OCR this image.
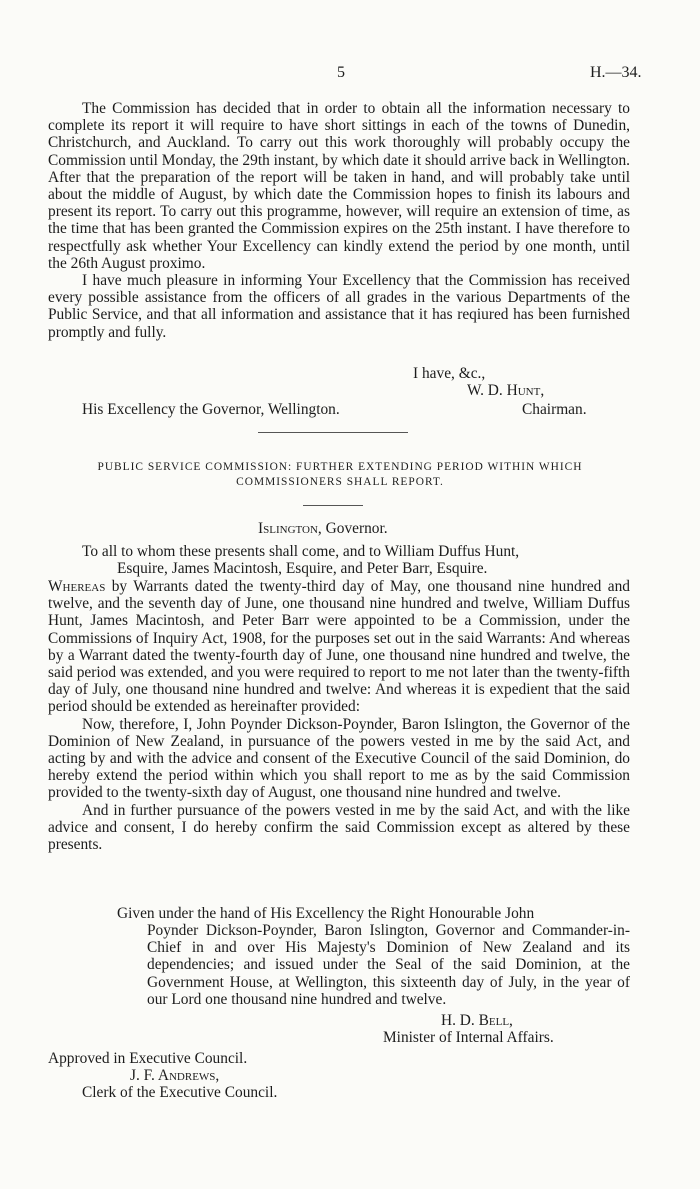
5	H.—34.

The Commission has decided that in order to obtain all the information necessary to complete its report it will require to have short sittings in each of the towns of Dunedin, Christchurch, and Auckland. To carry out this work thoroughly will probably occupy the Commission until Monday, the 29th instant, by which date it should arrive back in Wellington. After that the preparation of the report will be taken in hand, and will probably take until about the middle of August, by which date the Commission hopes to finish its labours and present its report. To carry out this programme, however, will require an extension of time, as the time that has been granted the Commission expires on the 25th instant. I have therefore to respectfully ask whether Your Excellency can kindly extend the period by one month, until the 26th August proximo.

I have much pleasure in informing Your Excellency that the Commission has received every possible assistance from the officers of all grades in the various Departments of the Public Service, and that all information and assistance that it has reqiured has been furnished promptly and fully.

I have, &c.,
W. D. Hunt,
His Excellency the Governor, Wellington.	Chairman.
PUBLIC SERVICE COMMISSION: FURTHER EXTENDING PERIOD WITHIN WHICH
COMMISSIONERS SHALL REPORT.
Islington, Governor.
To all to whom these presents shall come, and to William Duffus Hunt,
Esquire, James Macintosh, Esquire, and Peter Barr, Esquire.

Whereas by Warrants dated the twenty-third day of May, one thousand nine hundred and twelve, and the seventh day of June, one thousand nine hundred and twelve, William Duffus Hunt, James Macintosh, and Peter Barr were appointed to be a Commission, under the Commissions of Inquiry Act, 1908, for the purposes set out in the said Warrants: And whereas by a Warrant dated the twenty-fourth day of June, one thousand nine hundred and twelve, the said period was extended, and you were required to report to me not later than the twenty-fifth day of July, one thousand nine hundred and twelve: And whereas it is expedient that the said period should be extended as hereinafter provided:

Now, therefore, I, John Poynder Dickson-Poynder, Baron Islington, the Governor of the Dominion of New Zealand, in pursuance of the powers vested in me by the said Act, and acting by and with the advice and consent of the Executive Council of the said Dominion, do hereby extend the period within which you shall report to me as by the said Commission provided to the twenty-sixth day of August, one thousand nine hundred and twelve.

And in further pursuance of the powers vested in me by the said Act, and with the like advice and consent, I do hereby confirm the said Commission except as altered by these presents.

Given under the hand of His Excellency the Right Honourable John
Poynder Dickson-Poynder, Baron Islington, Governor and Commander-in-Chief in and over His Majesty's Dominion of New Zealand and its dependencies; and issued under the Seal of the said Dominion, at the Government House, at Wellington, this sixteenth day of July, in the year of our Lord one thousand nine hundred and twelve.
H. D. Bell,
Minister of Internal Affairs.
Approved in Executive Council.
J. F. Andrews,
Clerk of the Executive Council.
